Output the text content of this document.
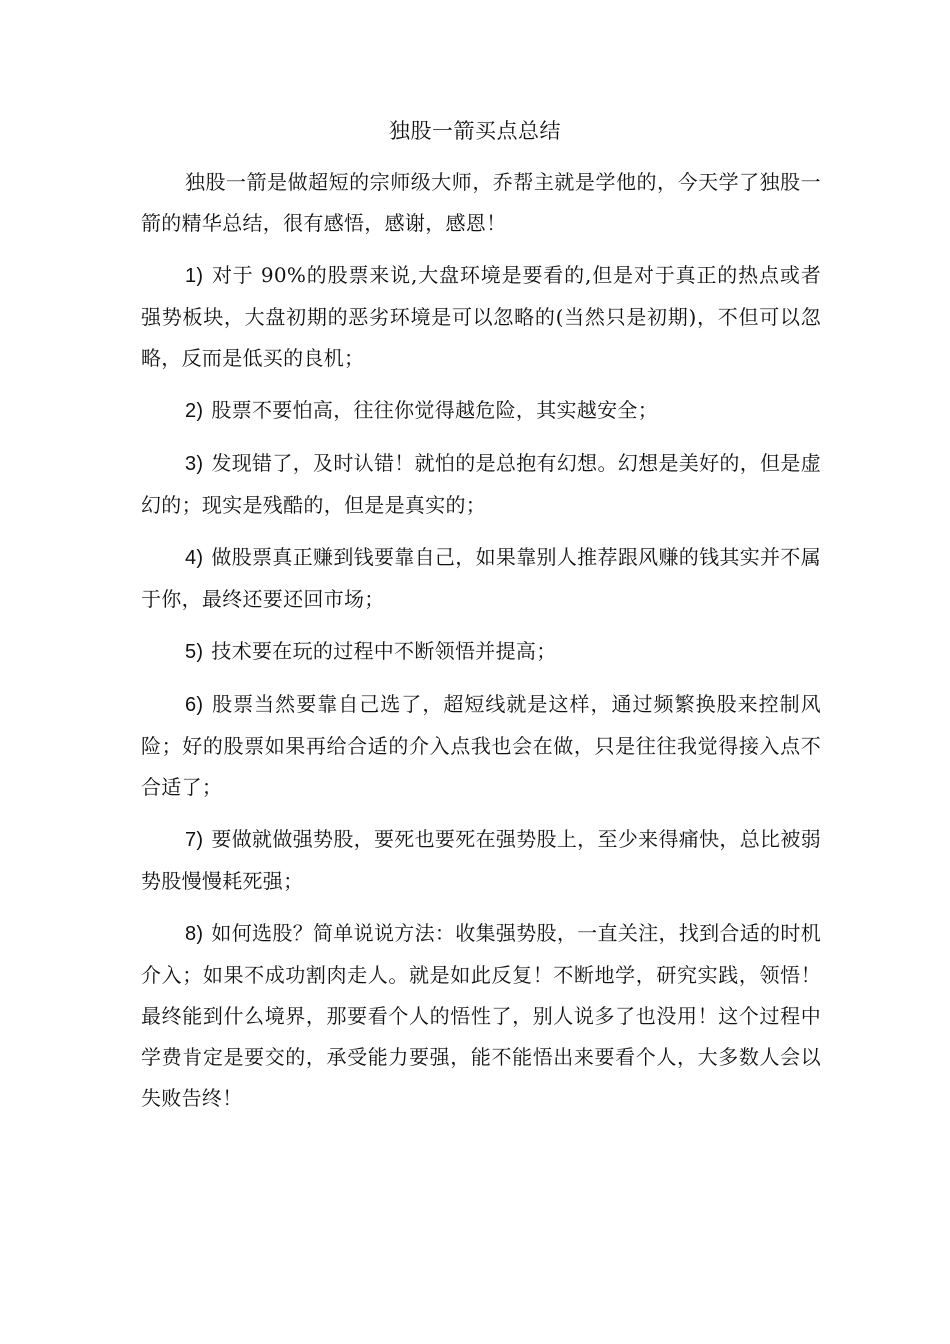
独股一箭买点总结

独股一箭是做超短的宗师级大师，乔帮主就是学他的，今天学了独股一箭的精华总结，很有感悟，感谢，感恩！

1) 对于 90%的股票来说,大盘环境是要看的,但是对于真正的热点或者强势板块，大盘初期的恶劣环境是可以忽略的(当然只是初期)，不但可以忽略，反而是低买的良机；

2) 股票不要怕高，往往你觉得越危险，其实越安全；

3) 发现错了，及时认错！就怕的是总抱有幻想。幻想是美好的，但是虚幻的；现实是残酷的，但是是真实的；

4) 做股票真正赚到钱要靠自己，如果靠别人推荐跟风赚的钱其实并不属于你，最终还要还回市场；

5) 技术要在玩的过程中不断领悟并提高；

6) 股票当然要靠自己选了，超短线就是这样，通过频繁换股来控制风险；好的股票如果再给合适的介入点我也会在做，只是往往我觉得接入点不合适了；

7) 要做就做强势股，要死也要死在强势股上，至少来得痛快，总比被弱势股慢慢耗死强；

8) 如何选股？简单说说方法：收集强势股，一直关注，找到合适的时机介入；如果不成功割肉走人。就是如此反复！不断地学，研究实践，领悟！最终能到什么境界，那要看个人的悟性了，别人说多了也没用！这个过程中学费肯定是要交的，承受能力要强，能不能悟出来要看个人，大多数人会以失败告终！
